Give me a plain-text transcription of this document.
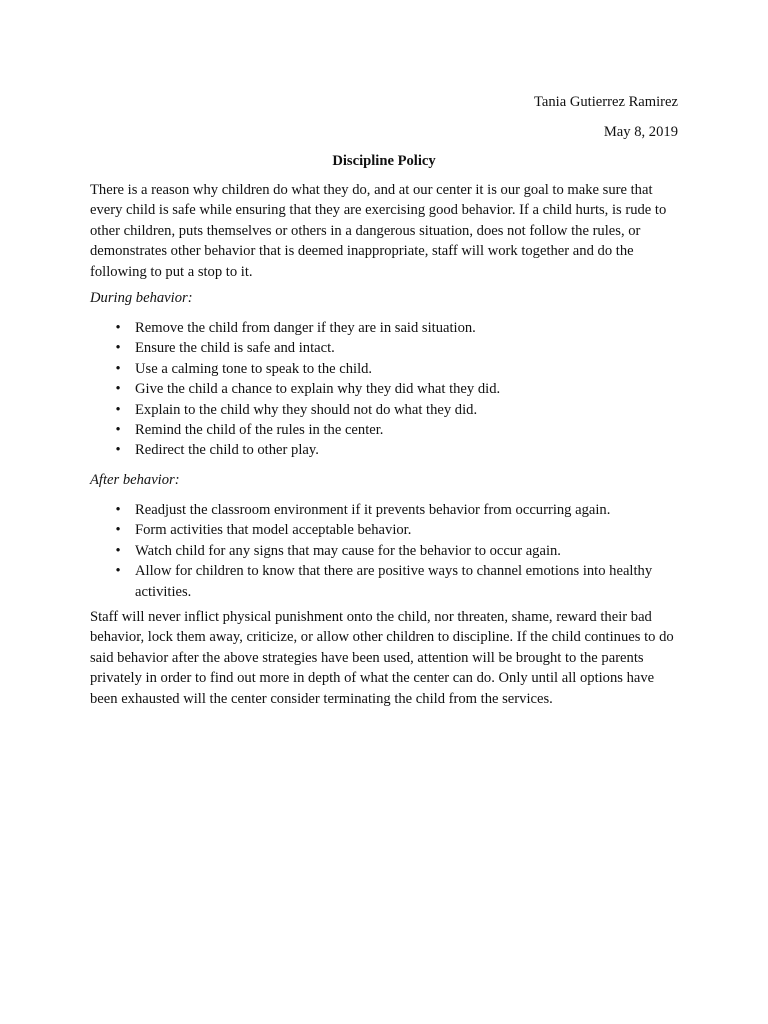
Tania Gutierrez Ramirez
May 8, 2019
Discipline Policy
There is a reason why children do what they do, and at our center it is our goal to make sure that every child is safe while ensuring that they are exercising good behavior. If a child hurts, is rude to other children, puts themselves or others in a dangerous situation, does not follow the rules, or demonstrates other behavior that is deemed inappropriate, staff will work together and do the following to put a stop to it.
During behavior:
• Remove the child from danger if they are in said situation.
• Ensure the child is safe and intact.
• Use a calming tone to speak to the child.
• Give the child a chance to explain why they did what they did.
• Explain to the child why they should not do what they did.
• Remind the child of the rules in the center.
• Redirect the child to other play.
After behavior:
• Readjust the classroom environment if it prevents behavior from occurring again.
• Form activities that model acceptable behavior.
• Watch child for any signs that may cause for the behavior to occur again.
• Allow for children to know that there are positive ways to channel emotions into healthy activities.
Staff will never inflict physical punishment onto the child, nor threaten, shame, reward their bad behavior, lock them away, criticize, or allow other children to discipline. If the child continues to do said behavior after the above strategies have been used, attention will be brought to the parents privately in order to find out more in depth of what the center can do. Only until all options have been exhausted will the center consider terminating the child from the services.
